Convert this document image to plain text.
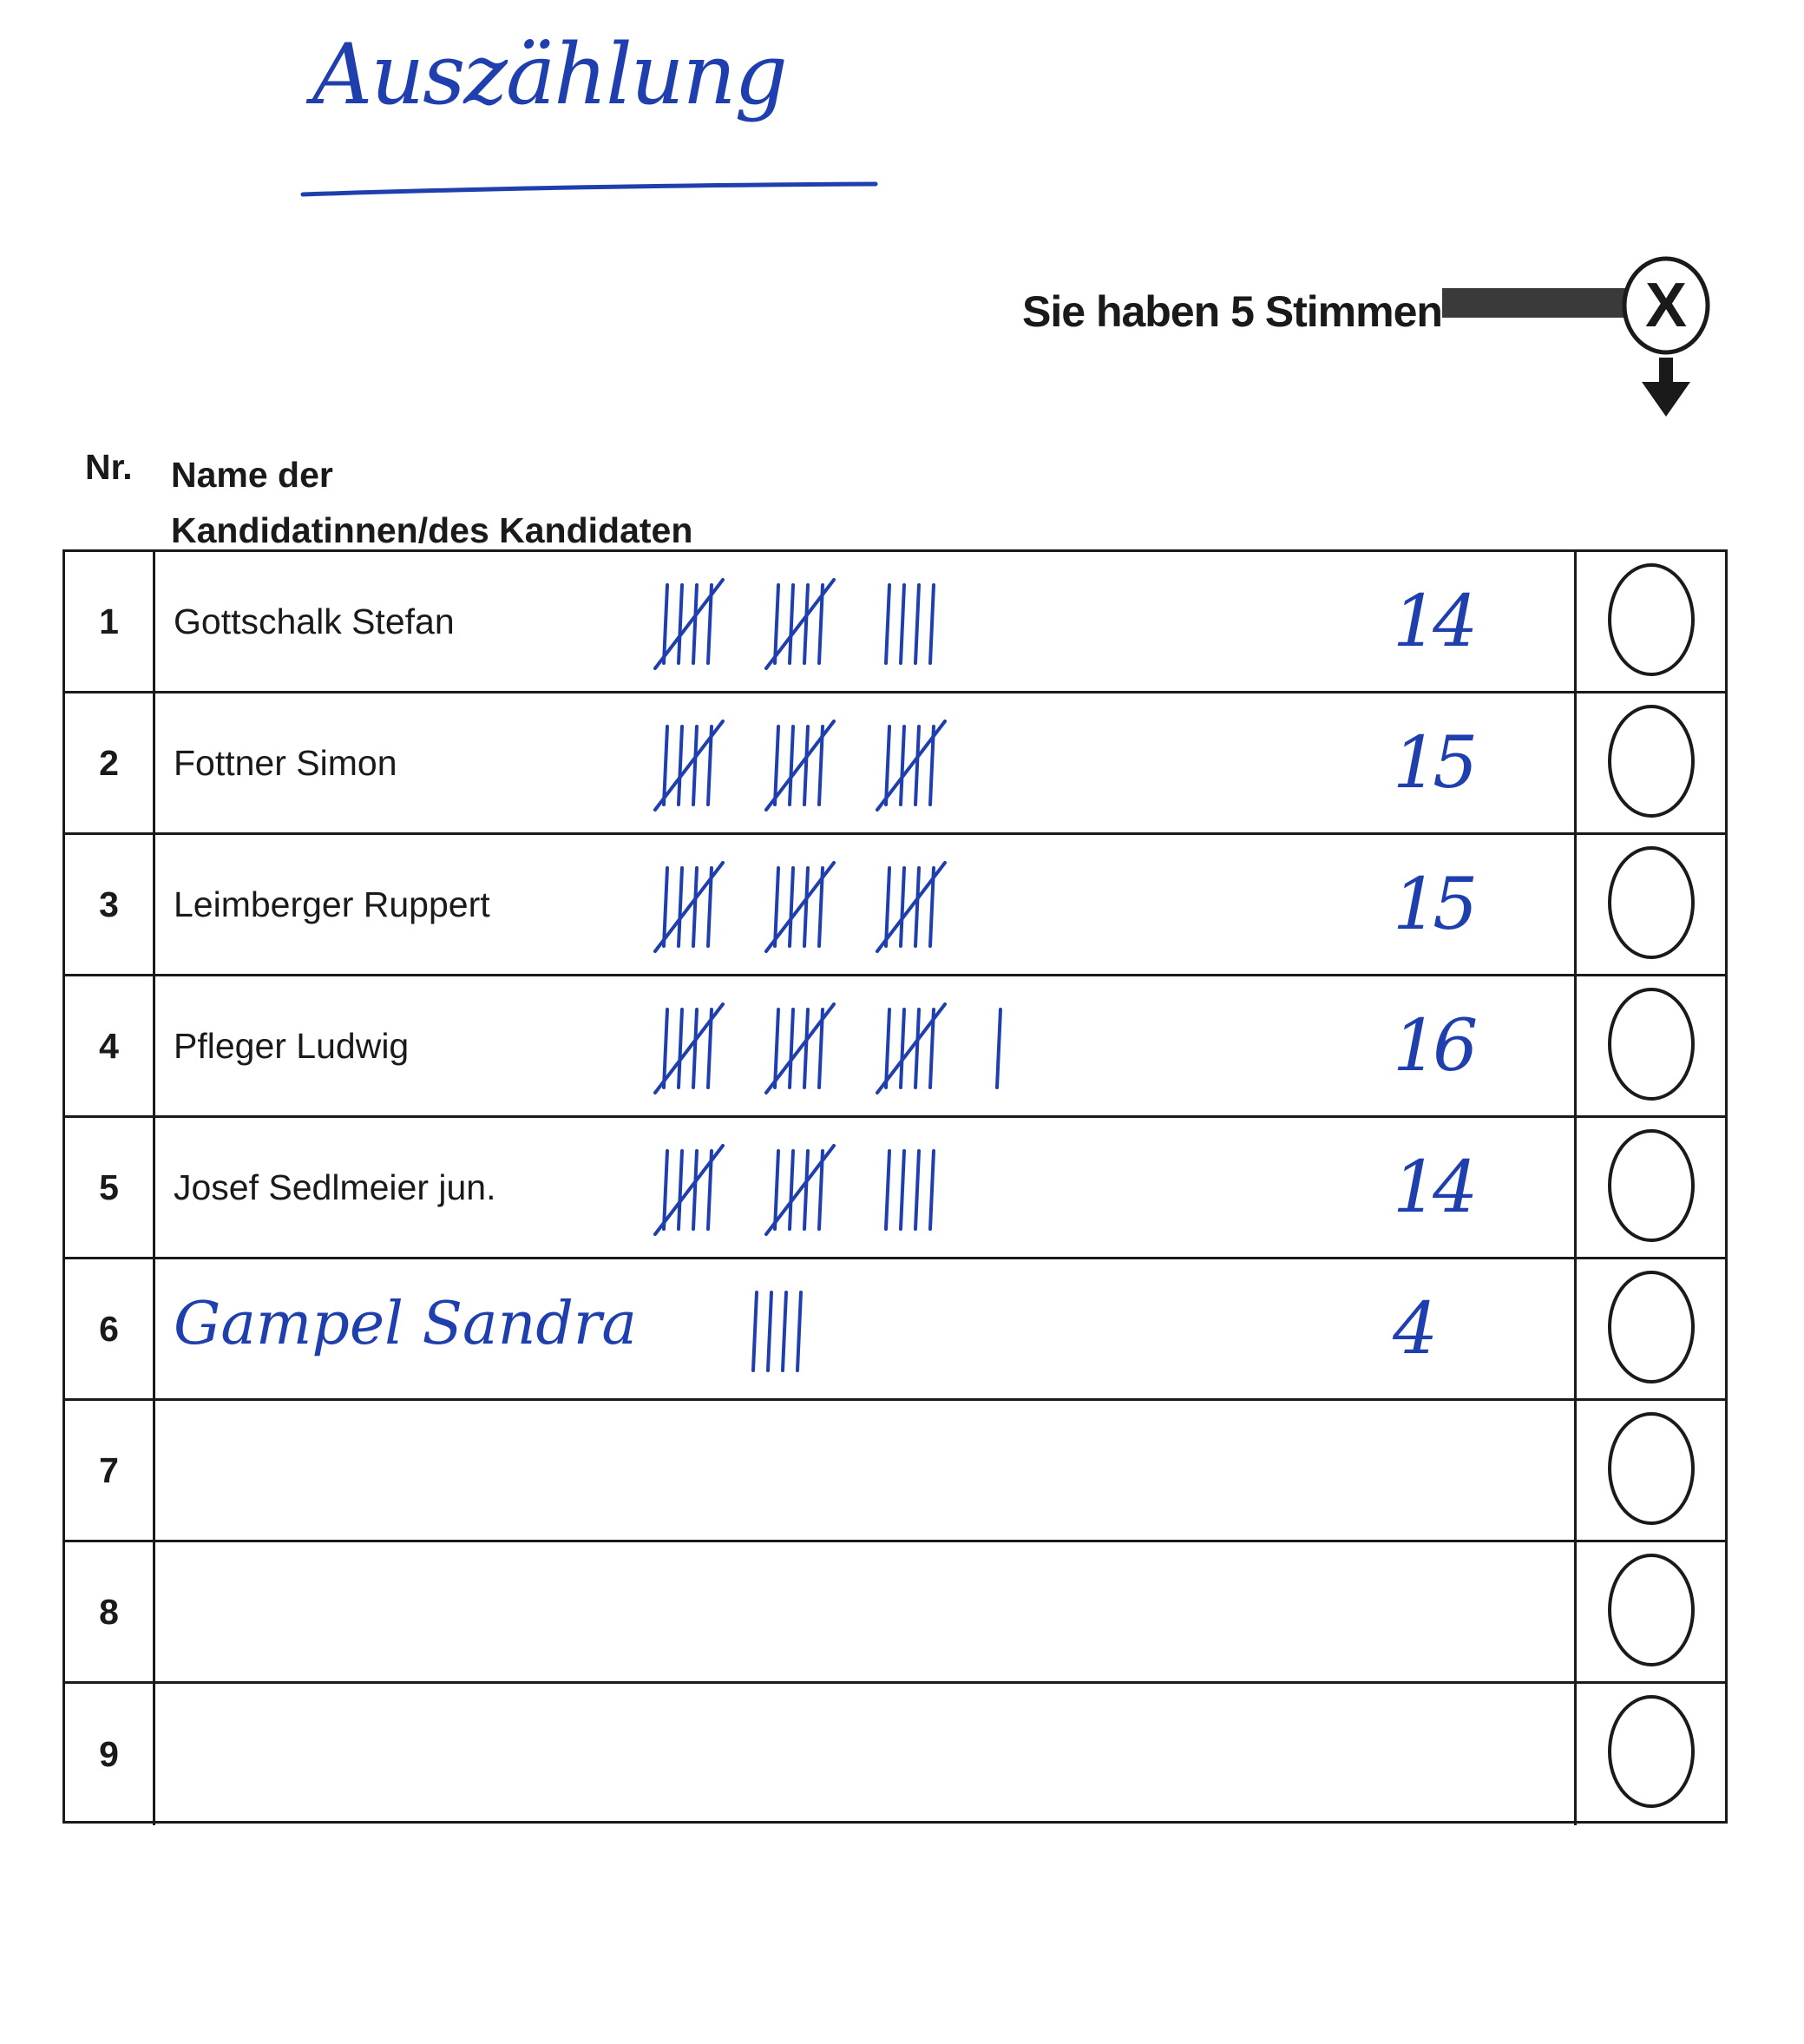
Auszählung
Sie haben 5 Stimmen	X
Nr. Name der
Kandidatinnen/des Kandidaten
1	Gottschalk Stefan	14
2	Fottner Simon	15
3	Leimberger Ruppert	15
4	Pfleger Ludwig	16
5	Josef Sedlmeier jun.	14
6 Gampel Sandra	4
7
8
9
